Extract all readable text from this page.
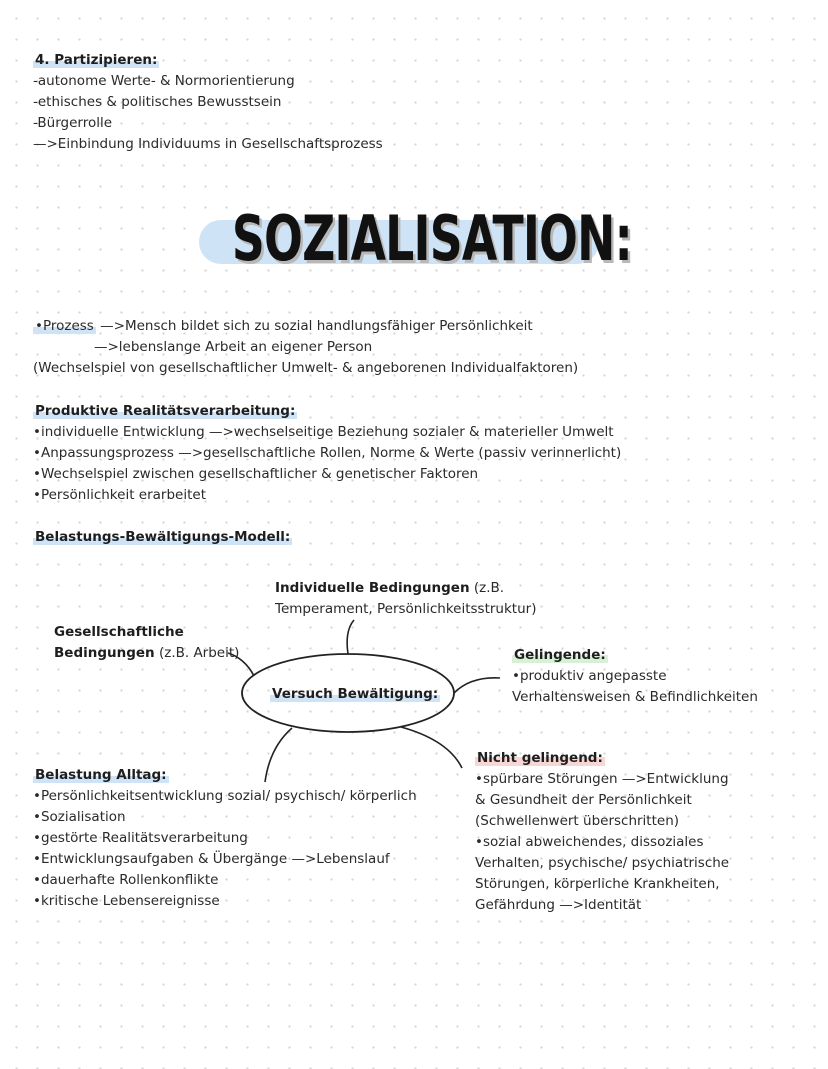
4. Partizipieren:
-autonome Werte- & Normorientierung
-ethisches & politisches Bewusstsein
-Bürgerrolle
—>Einbindung Individuums in Gesellschaftsprozess
SOZIALISATION:
•Prozess —>Mensch bildet sich zu sozial handlungsfähiger Persönlichkeit
—>lebenslange Arbeit an eigener Person
(Wechselspiel von gesellschaftlicher Umwelt- & angeborenen Individualfaktoren)
Produktive Realitätsverarbeitung:
•individuelle Entwicklung —>wechselseitige Beziehung sozialer & materieller Umwelt
•Anpassungsprozess —>gesellschaftliche Rollen, Norme & Werte (passiv verinnerlicht)
•Wechselspiel zwischen gesellschaftlicher & genetischer Faktoren
•Persönlichkeit erarbeitet
Belastungs-Bewältigungs-Modell:
Versuch Bewältigung:
Individuelle Bedingungen (z.B.
Temperament, Persönlichkeitsstruktur)
Gesellschaftliche
Bedingungen (z.B. Arbeit)	Gelingende:
•produktiv angepasste
Verhaltensweisen & Befindlichkeiten
Nicht gelingend:
•spürbare Störungen —>Entwicklung
& Gesundheit der Persönlichkeit
(Schwellenwert überschritten)
•sozial abweichendes, dissoziales
Verhalten, psychische/ psychiatrische
Störungen, körperliche Krankheiten,
Gefährdung —>Identität
Belastung Alltag:
•Persönlichkeitsentwicklung sozial/ psychisch/ körperlich
•Sozialisation
•gestörte Realitätsverarbeitung
•Entwicklungsaufgaben & Übergänge —>Lebenslauf
•dauerhafte Rollenkonflikte
•kritische Lebensereignisse
